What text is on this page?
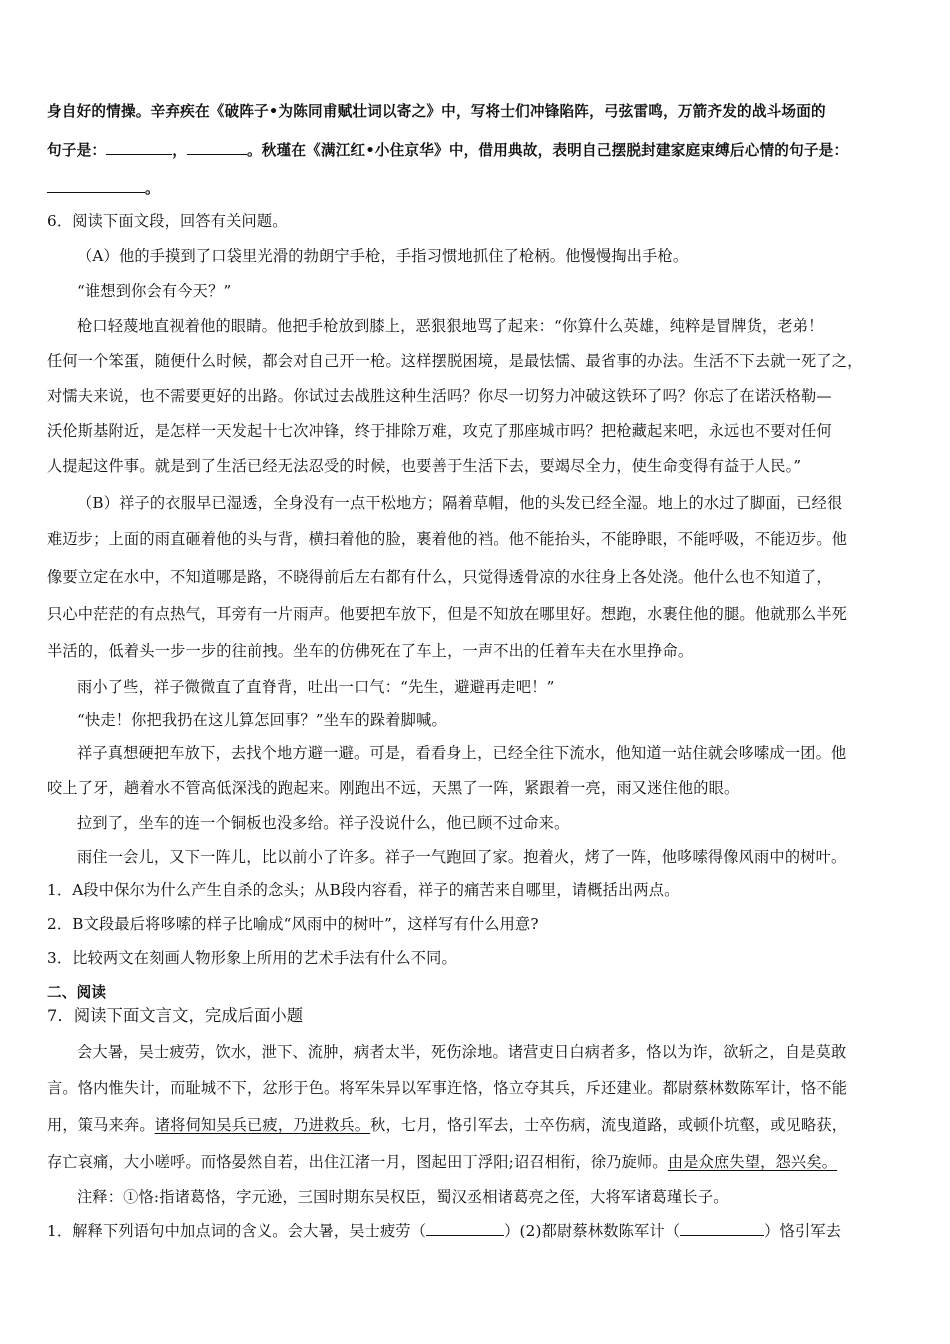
身自好的情操。辛弃疾在《破阵子•为陈同甫赋壮词以寄之》中，写将士们冲锋陷阵，弓弦雷鸣，万箭齐发的战斗场面的
句子是：	，	。秋瑾在《满江红•小住京华》中，借用典故，表明自己摆脱封建家庭束缚后心情的句子是：
。
6．阅读下面文段，回答有关问题。
（A）他的手摸到了口袋里光滑的勃朗宁手枪，手指习惯地抓住了枪柄。他慢慢掏出手枪。
“谁想到你会有今天？”
枪口轻蔑地直视着他的眼睛。他把手枪放到膝上，恶狠狠地骂了起来：“你算什么英雄，纯粹是冒牌货，老弟！
任何一个笨蛋，随便什么时候，都会对自己开一枪。这样摆脱困境，是最怯懦、最省事的办法。生活不下去就一死了之，
对懦夫来说，也不需要更好的出路。你试过去战胜这种生活吗？你尽一切努力冲破这铁环了吗？你忘了在诺沃格勒—
沃伦斯基附近，是怎样一天发起十七次冲锋，终于排除万难，攻克了那座城市吗？把枪藏起来吧，永远也不要对任何
人提起这件事。就是到了生活已经无法忍受的时候，也要善于生活下去，要竭尽全力，使生命变得有益于人民。”
（B）祥子的衣服早已湿透，全身没有一点干松地方；隔着草帽，他的头发已经全湿。地上的水过了脚面，已经很
难迈步；上面的雨直砸着他的头与背，横扫着他的脸，裹着他的裆。他不能抬头，不能睁眼，不能呼吸，不能迈步。他
像要立定在水中，不知道哪是路，不晓得前后左右都有什么，只觉得透骨凉的水往身上各处浇。他什么也不知道了，
只心中茫茫的有点热气，耳旁有一片雨声。他要把车放下，但是不知放在哪里好。想跑，水裹住他的腿。他就那么半死
半活的，低着头一步一步的往前拽。坐车的仿佛死在了车上，一声不出的任着车夫在水里挣命。
雨小了些，祥子微微直了直脊背，吐出一口气：“先生，避避再走吧！”
“快走！你把我扔在这儿算怎回事？”坐车的跺着脚喊。
祥子真想硬把车放下，去找个地方避一避。可是，看看身上，已经全往下流水，他知道一站住就会哆嗦成一团。他
咬上了牙，趟着水不管高低深浅的跑起来。刚跑出不远，天黑了一阵，紧跟着一亮，雨又迷住他的眼。
拉到了，坐车的连一个铜板也没多给。祥子没说什么，他已顾不过命来。
雨住一会儿，又下一阵儿，比以前小了许多。祥子一气跑回了家。抱着火，烤了一阵，他哆嗦得像风雨中的树叶。
1．A段中保尔为什么产生自杀的念头；从B段内容看，祥子的痛苦来自哪里，请概括出两点。
2．B文段最后将哆嗦的样子比喻成“风雨中的树叶”，这样写有什么用意?
3．比较两文在刻画人物形象上所用的艺术手法有什么不同。
二、阅读
7．阅读下面文言文，完成后面小题
会大暑，吴士疲劳，饮水，泄下、流肿，病者太半，死伤涂地。诸营吏日白病者多，恪以为诈，欲斩之，自是莫敢
言。恪内惟失计，而耻城不下，忿形于色。将军朱异以军事迕恪，恪立夺其兵，斥还建业。都尉蔡林数陈军计，恪不能
用，策马来奔。诸将伺知吴兵已疲，乃进救兵。秋，七月，恪引军去，士卒伤病，流曳道路，或顿仆坑壑，或见略获，
存亡哀痛，大小嗟呼。而恪晏然自若，出住江渚一月，图起田丁浮阳;诏召相衔，徐乃旋师。由是众庶失望，怨兴矣。
注释：①恪:指诸葛恪，字元逊，三国时期东吴权臣，蜀汉丞相诸葛亮之侄，大将军诸葛瑾长子。
1．解释下列语句中加点词的含义。会大暑，吴士疲劳（	）(2)都尉蔡林数陈军计（	）恪引军去
